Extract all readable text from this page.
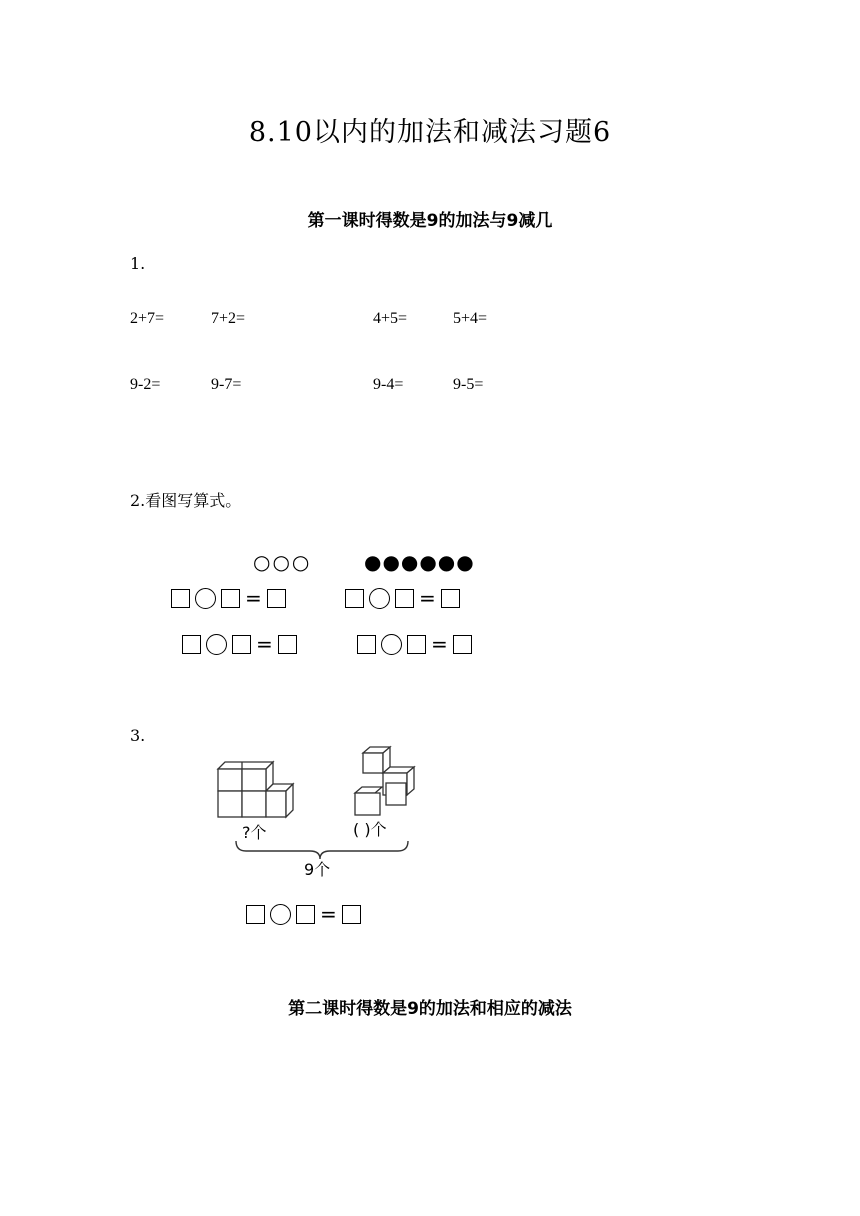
8.10以内的加法和减法习题6
第一课时得数是9的加法与9减几
1.
2+7=	7+2=	4+5=	5+4=
9-2=	9-7=	9-4=	9-5=
2.看图写算式。
○○○	●●●●●●
=	=
=	=
3.
?个	( )个
9个
=
第二课时得数是9的加法和相应的减法
